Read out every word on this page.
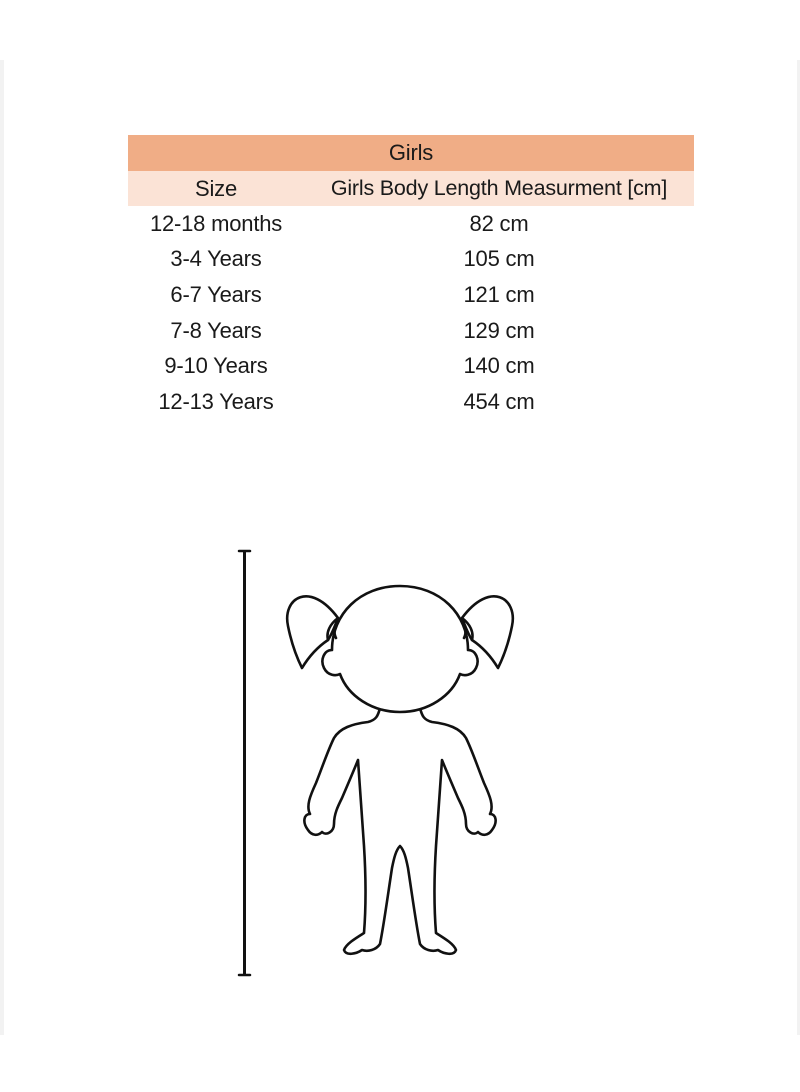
Girls	
Size	Girls Body Length Measurment [cm]
12-18 months	82 cm
3-4 Years	105 cm
6-7 Years	121 cm
7-8 Years	129 cm
9-10 Years	140 cm
12-13 Years	454 cm
